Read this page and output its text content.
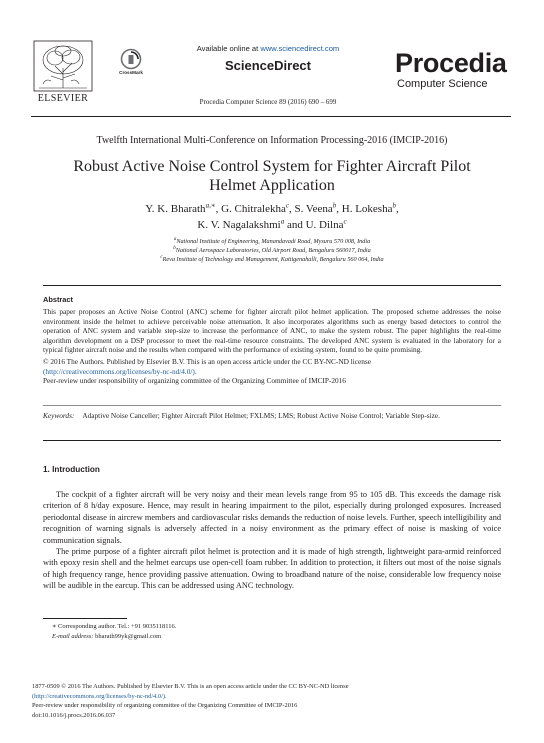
ELSEVIER
Available online at www.sciencedirect.com
CrossMark	ScienceDirect
Procedia Computer Science 89 (2016) 690 – 699
Procedia
Computer Science
Twelfth International Multi-Conference on Information Processing-2016 (IMCIP-2016)
Robust Active Noise Control System for Fighter Aircraft Pilot
Helmet Application
Y. K. Bharath$^{a,∗}$, G. Chitralekha$^c$, S. Veena$^b$, H. Lokesha$^b$,
K. V. Nagalakshmi$^a$ and U. Dilna$^c$
$^a$National Institute of Engineering, Manandavadi Road, Mysuru 570 008, India
$^b$National Aerospace Laboratories, Old Airport Road, Bengaluru 560017, India
$^c$Reva Institute of Technology and Management, Kattigenahalli, Bengaluru 560 064, India
Abstract
This paper proposes an Active Noise Control (ANC) scheme for fighter aircraft pilot helmet application. The proposed scheme addresses the noise environment inside the helmet to achieve perceivable noise attenuation. It also incorporates algorithms such as energy based detectors to control the operation of ANC system and variable step-size to increase the performance of ANC, to make the system robust. The paper highlights the real-time algorithm development on a DSP processor to meet the real-time resource constraints. The developed ANC system is evaluated in the laboratory for a typical fighter aircraft noise and the results when compared with the performance of existing system, found to be quite promising.
© 2016 The Authors. Published by Elsevier B.V. This is an open access article under the CC BY-NC-ND license
(http://creativecommons.org/licenses/by-nc-nd/4.0/).
Peer-review under responsibility of organizing committee of the Organizing Committee of IMCIP-2016
Keywords: Adaptive Noise Canceller; Fighter Aircraft Pilot Helmet; FXLMS; LMS; Robust Active Noise Control; Variable Step-size.
1. Introduction
The cockpit of a fighter aircraft will be very noisy and their mean levels range from 95 to 105 dB. This exceeds the damage risk criterion of 8 h/day exposure. Hence, may result in hearing impairment to the pilot, especially during prolonged exposures. Increased periodontal disease in aircrew members and cardiovascular risks demands the reduction of noise levels. Further, speech intelligibility and recognition of warning signals is adversely affected in a noisy environment as the primary effect of noise is masking of voice communication signals.
The prime purpose of a fighter aircraft pilot helmet is protection and it is made of high strength, lightweight para-armid reinforced with epoxy resin shell and the helmet earcups use open-cell foam rubber. In addition to protection, it filters out most of the noise signals of high frequency range, hence providing passive attenuation. Owing to broadband nature of the noise, considerable low frequency noise will be audible in the earcup. This can be addressed using ANC technology.
∗ Corresponding author. Tel.: +91 9035118116.
E-mail address: bharath99yk@gmail.com
1877-0509 © 2016 The Authors. Published by Elsevier B.V. This is an open access article under the CC BY-NC-ND license
(http://creativecommons.org/licenses/by-nc-nd/4.0/).
Peer-review under responsibility of organizing committee of the Organizing Committee of IMCIP-2016
doi:10.1016/j.procs.2016.06.037
